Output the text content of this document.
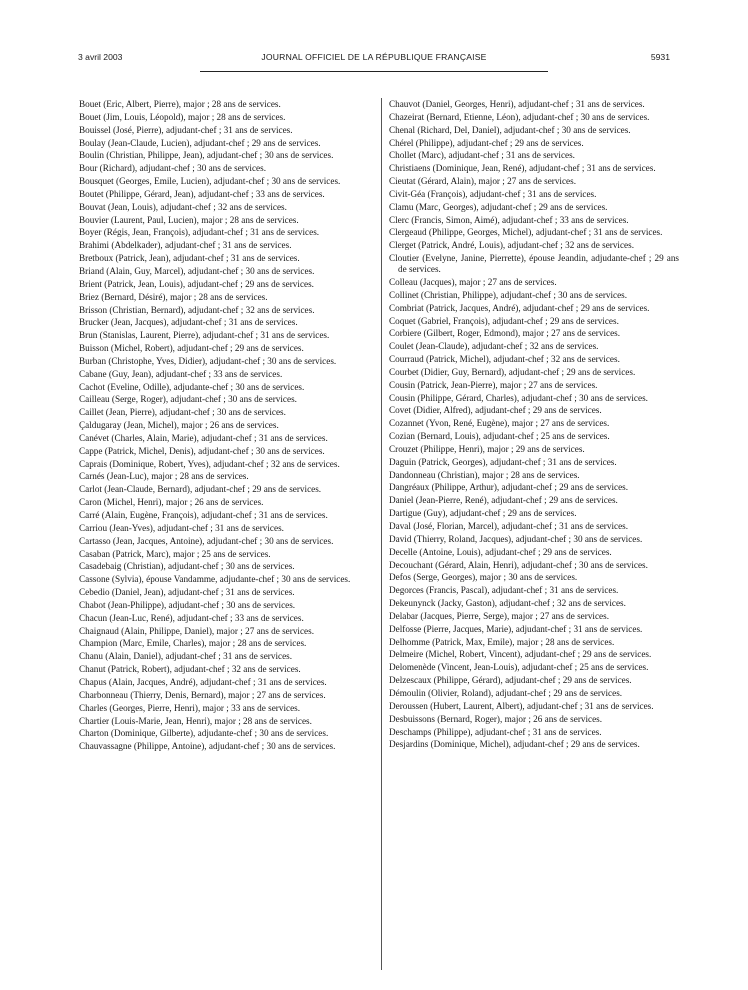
3 avril 2003	JOURNAL OFFICIEL DE LA RÉPUBLIQUE FRANÇAISE	5931

Bouet (Eric, Albert, Pierre), major ; 28 ans de services.

Bouet (Jim, Louis, Léopold), major ; 28 ans de services.

Bouissel (José, Pierre), adjudant-chef ; 31 ans de services.

Boulay (Jean-Claude, Lucien), adjudant-chef ; 29 ans de services.

Boulin (Christian, Philippe, Jean), adjudant-chef ; 30 ans de services.

Bour (Richard), adjudant-chef ; 30 ans de services.

Bousquet (Georges, Emile, Lucien), adjudant-chef ; 30 ans de services.

Boutet (Philippe, Gérard, Jean), adjudant-chef ; 33 ans de services.

Bouvat (Jean, Louis), adjudant-chef ; 32 ans de services.

Bouvier (Laurent, Paul, Lucien), major ; 28 ans de services.

Boyer (Régis, Jean, François), adjudant-chef ; 31 ans de services.

Brahimi (Abdelkader), adjudant-chef ; 31 ans de services.

Bretboux (Patrick, Jean), adjudant-chef ; 31 ans de services.

Briand (Alain, Guy, Marcel), adjudant-chef ; 30 ans de services.

Brient (Patrick, Jean, Louis), adjudant-chef ; 29 ans de services.

Briez (Bernard, Désiré), major ; 28 ans de services.

Brisson (Christian, Bernard), adjudant-chef ; 32 ans de services.

Brucker (Jean, Jacques), adjudant-chef ; 31 ans de services.

Brun (Stanislas, Laurent, Pierre), adjudant-chef ; 31 ans de services.

Buisson (Michel, Robert), adjudant-chef ; 29 ans de services.

Burban (Christophe, Yves, Didier), adjudant-chef ; 30 ans de services.

Cabane (Guy, Jean), adjudant-chef ; 33 ans de services.

Cachot (Eveline, Odille), adjudante-chef ; 30 ans de services.

Cailleau (Serge, Roger), adjudant-chef ; 30 ans de services.

Caillet (Jean, Pierre), adjudant-chef ; 30 ans de services.

Çaldugaray (Jean, Michel), major ; 26 ans de services.

Canévet (Charles, Alain, Marie), adjudant-chef ; 31 ans de services.

Cappe (Patrick, Michel, Denis), adjudant-chef ; 30 ans de services.

Caprais (Dominique, Robert, Yves), adjudant-chef ; 32 ans de services.

Carnés (Jean-Luc), major ; 28 ans de services.

Carlot (Jean-Claude, Bernard), adjudant-chef ; 29 ans de services.

Caron (Michel, Henri), major ; 26 ans de services.

Carré (Alain, Eugène, François), adjudant-chef ; 31 ans de services.

Carriou (Jean-Yves), adjudant-chef ; 31 ans de services.

Cartasso (Jean, Jacques, Antoine), adjudant-chef ; 30 ans de services.

Casaban (Patrick, Marc), major ; 25 ans de services.

Casadebaig (Christian), adjudant-chef ; 30 ans de services.

Cassone (Sylvia), épouse Vandamme, adjudante-chef ; 30 ans de services.

Cebedio (Daniel, Jean), adjudant-chef ; 31 ans de services.

Chabot (Jean-Philippe), adjudant-chef ; 30 ans de services.

Chacun (Jean-Luc, René), adjudant-chef ; 33 ans de services.

Chaignaud (Alain, Philippe, Daniel), major ; 27 ans de services.

Champion (Marc, Emile, Charles), major ; 28 ans de services.

Chanu (Alain, Daniel), adjudant-chef ; 31 ans de services.

Chanut (Patrick, Robert), adjudant-chef ; 32 ans de services.

Chapus (Alain, Jacques, André), adjudant-chef ; 31 ans de services.

Charbonneau (Thierry, Denis, Bernard), major ; 27 ans de services.

Charles (Georges, Pierre, Henri), major ; 33 ans de services.

Chartier (Louis-Marie, Jean, Henri), major ; 28 ans de services.

Charton (Dominique, Gilberte), adjudante-chef ; 30 ans de services.

Chauvassagne (Philippe, Antoine), adjudant-chef ; 30 ans de services.

Chauvot (Daniel, Georges, Henri), adjudant-chef ; 31 ans de services.

Chazeirat (Bernard, Etienne, Léon), adjudant-chef ; 30 ans de services.

Chenal (Richard, Del, Daniel), adjudant-chef ; 30 ans de services.

Chérel (Philippe), adjudant-chef ; 29 ans de services.

Chollet (Marc), adjudant-chef ; 31 ans de services.

Christiaens (Dominique, Jean, René), adjudant-chef ; 31 ans de services.

Cieutat (Gérard, Alain), major ; 27 ans de services.

Civit-Géa (François), adjudant-chef ; 31 ans de services.

Clamu (Marc, Georges), adjudant-chef ; 29 ans de services.

Clerc (Francis, Simon, Aimé), adjudant-chef ; 33 ans de services.

Clergeaud (Philippe, Georges, Michel), adjudant-chef ; 31 ans de services.

Clerget (Patrick, André, Louis), adjudant-chef ; 32 ans de services.

Cloutier (Evelyne, Janine, Pierrette), épouse Jeandin, adjudante-chef ; 29 ans de services.

Colleau (Jacques), major ; 27 ans de services.

Collinet (Christian, Philippe), adjudant-chef ; 30 ans de services.

Combriat (Patrick, Jacques, André), adjudant-chef ; 29 ans de services.

Coquet (Gabriel, François), adjudant-chef ; 29 ans de services.

Corbiere (Gilbert, Roger, Edmond), major ; 27 ans de services.

Coulet (Jean-Claude), adjudant-chef ; 32 ans de services.

Courraud (Patrick, Michel), adjudant-chef ; 32 ans de services.

Courbet (Didier, Guy, Bernard), adjudant-chef ; 29 ans de services.

Cousin (Patrick, Jean-Pierre), major ; 27 ans de services.

Cousin (Philippe, Gérard, Charles), adjudant-chef ; 30 ans de services.

Covet (Didier, Alfred), adjudant-chef ; 29 ans de services.

Cozannet (Yvon, René, Eugène), major ; 27 ans de services.

Cozian (Bernard, Louis), adjudant-chef ; 25 ans de services.

Crouzet (Philippe, Henri), major ; 29 ans de services.

Daguin (Patrick, Georges), adjudant-chef ; 31 ans de services.

Dandonneau (Christian), major ; 28 ans de services.

Dangréaux (Philippe, Arthur), adjudant-chef ; 29 ans de services.

Daniel (Jean-Pierre, René), adjudant-chef ; 29 ans de services.

Dartigue (Guy), adjudant-chef ; 29 ans de services.

Daval (José, Florian, Marcel), adjudant-chef ; 31 ans de services.

David (Thierry, Roland, Jacques), adjudant-chef ; 30 ans de services.

Decelle (Antoine, Louis), adjudant-chef ; 29 ans de services.

Decouchant (Gérard, Alain, Henri), adjudant-chef ; 30 ans de services.

Defos (Serge, Georges), major ; 30 ans de services.

Degorces (Francis, Pascal), adjudant-chef ; 31 ans de services.

Dekeunynck (Jacky, Gaston), adjudant-chef ; 32 ans de services.

Delabar (Jacques, Pierre, Serge), major ; 27 ans de services.

Delfosse (Pierre, Jacques, Marie), adjudant-chef ; 31 ans de services.

Delhomme (Patrick, Max, Emile), major ; 28 ans de services.

Delmeire (Michel, Robert, Vincent), adjudant-chef ; 29 ans de services.

Delomenède (Vincent, Jean-Louis), adjudant-chef ; 25 ans de services.

Delzescaux (Philippe, Gérard), adjudant-chef ; 29 ans de services.

Démoulin (Olivier, Roland), adjudant-chef ; 29 ans de services.

Deroussen (Hubert, Laurent, Albert), adjudant-chef ; 31 ans de services.

Desbuissons (Bernard, Roger), major ; 26 ans de services.

Deschamps (Philippe), adjudant-chef ; 31 ans de services.

Desjardins (Dominique, Michel), adjudant-chef ; 29 ans de services.
